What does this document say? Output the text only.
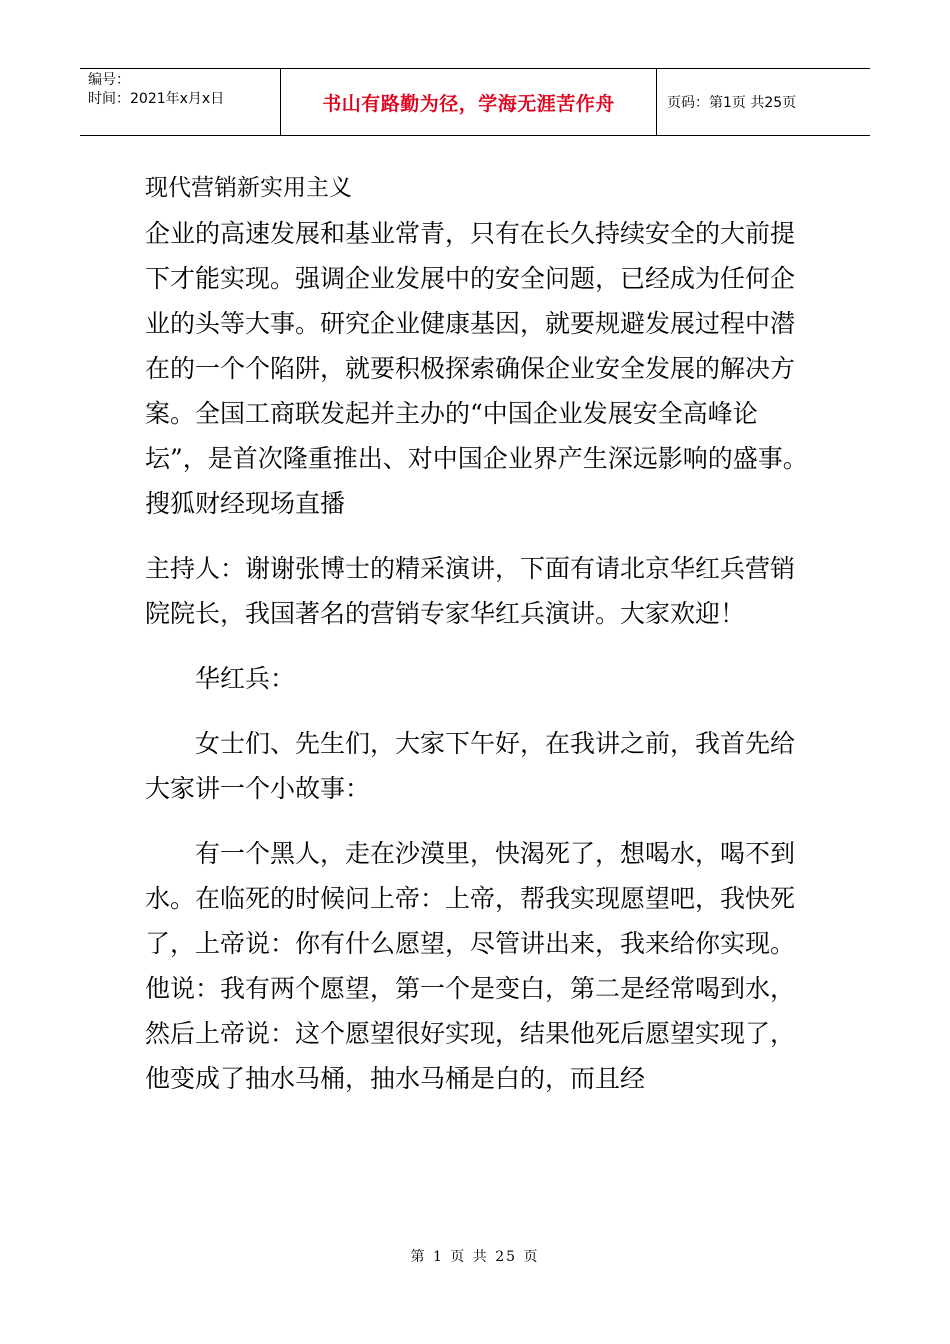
编号：
时间：2021年x月x日	书山有路勤为径，学海无涯苦作舟	页码：第1页 共25页

现代营销新实用主义

企业的高速发展和基业常青，只有在长久持续安全的大前提下才能实现。强调企业发展中的安全问题，已经成为任何企业的头等大事。研究企业健康基因，就要规避发展过程中潜在的一个个陷阱，就要积极探索确保企业安全发展的解决方案。全国工商联发起并主办的“中国企业发展安全高峰论坛”，是首次隆重推出、对中国企业界产生深远影响的盛事。搜狐财经现场直播

主持人：谢谢张博士的精采演讲，下面有请北京华红兵营销院院长，我国著名的营销专家华红兵演讲。大家欢迎！

华红兵：

女士们、先生们，大家下午好，在我讲之前，我首先给大家讲一个小故事：

有一个黑人，走在沙漠里，快渴死了，想喝水，喝不到水。在临死的时候问上帝：上帝，帮我实现愿望吧，我快死了，上帝说：你有什么愿望，尽管讲出来，我来给你实现。他说：我有两个愿望，第一个是变白，第二是经常喝到水，然后上帝说：这个愿望很好实现，结果他死后愿望实现了，他变成了抽水马桶，抽水马桶是白的，而且经

第 1 页 共 25 页
